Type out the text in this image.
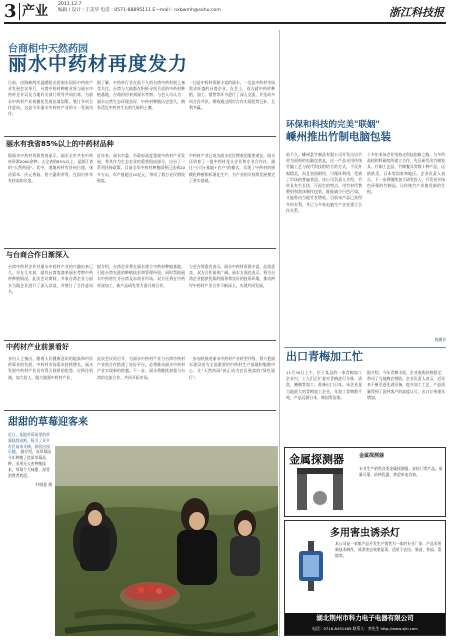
3 产业 2011.12.7
编辑 / 设计 : 王美华 电话 : 0571-88895111 E—mail : nxbwmh@sohu.com	浙江科技报
台商相中天然药园
丽水中药材再度发力
日前，由海峡两岸温暖阳光的丽水国际中药材产业发展会议举行，台湾中药材种植业界与丽水中药材企业以及当地有关部门领导共同出席，为丽水中药材产业规模化发展出谋划策，签订多项合作意向。这是今年丽水中药材产业的又一发展动作。
据了解，中药材行业在前不久的台湾中药材展上备受关注。台湾与大陆都在积极寻找合适的中药材种植基地，台商纷纷来到丽水考察。与会人员认为：丽水自然生态环境良好，中药材种植历史悠久，拥有适宜中药材生长的气候和土壤。
一边是中药材资源丰富的丽水，一边是中药材市场需求旺盛的台湾企业。在会上，双方就中药材种植、加工、销售等环节进行了深入交流，并达成多项合作共识，期待通过两岸合作实现优势互补、互利共赢。
丽水有我省85%以上的中药材品种
据丽水中药材资源普查显示，丽水全市共有中药材资源2000余种，占全省的85%以上，是浙江省的"天然药园"。其中，道地药材有处州白莲、遂昌菊米、庆元香菇、景宁惠明茶等，在国内外享有较高知名度。
近年来，丽水市委、市政府高度重视中药材产业发展，将其作为生态农业的重要组成部分，出台了一系列扶持政策。目前全市中药材种植面积已达到20多万亩，年产值超过10亿元，带动了数万农民增收致富。
中药材产业已成为丽水农民增收的重要途径。丽水还培育了一批中药材龙头企业和专业合作社，通过"公司+基地+农户"的模式，实现了中药材的规模化种植和标准化生产，为产业的可持续发展奠定了坚实基础。
与台商合作日渐深入
台湾中药材企业对丽水中药材产业的兴趣由来已久。早在几年前，就有台湾客商来丽水考察中药材种植情况。此次会议期间，多家台湾企业与丽水当地企业进行了深入洽谈，并签订了合作意向书。
据介绍，台湾企业将在丽水建立中药材种植基地，引进台湾先进的种植技术和管理经验，同时帮助丽水中药材打开台湾及东南亚市场。双方还将在中药材深加工、新产品研发等方面开展合作。
与会台湾嘉宾表示，丽水中药材资源丰富、品质优良，双方合作前景广阔。丽水方面也表示，将为台湾企业提供优质的服务和良好的投资环境，推动两岸中药材产业合作不断深入，实现共同发展。
中药材产业前景看好
业内人士指出，随着人们健康意识的提高和中医药事业的发展，中药材市场需求持续增长。丽水发展中药材产业具有得天独厚的优势，应抓住机遇，加大投入，做大做强中药材产业。
此次会议的召开，为丽水中药材产业与台湾中药材产业的合作搭建了良好平台，必将推动丽水中药材产业实现新的跨越。下一步，丽水将继续加强与台湾的交流合作，共同开拓市场。
一步加快推进丽水中药材产业转型升级，努力把丽水建设成为全国重要的中药材生产基地和集散中心，让"天然药园"真正成为农民致富的"绿色银行"。
甜甜的草莓迎客来
近日，某地草莓园里的草莓陆续成熟，吸引了众多市民前来采摘，体验田园乐趣。 据介绍，该草莓园今年种植了优质草莓品种，采用无公害种植技术，草莓个大味甜，深受消费者欢迎。
叶晓蓉 摄
环保和科技的完美"联姻"
嵊州推出竹制电脑包装
前不久，嵊州某竹制品有限公司开发出以竹材为原料的电脑包装盒，这一产品采用传统竹编工艺与现代科技相结合的方式，不仅外观精美，而且坚固耐用、可循环利用，受到了市场的普遍欢迎。该公司负责人介绍，竹材具有生长快、可再生的特点，用竹材代替塑料和泡沫制作包装，既能减少白色污染，又能带动当地竹农增收。目前该产品已获得多项专利，并已与多家电脑生产企业建立合作关系。
十多年来该企业坚持走科技创新之路，与多所高校和科研院所建立合作，先后研发出竹制家具、竹制工艺品、竹制餐具等数十种产品，远销欧美、日本等国家和地区。企业负责人表示，下一步将继续加大研发投入，开发更多绿色环保的竹制品，让传统竹产业焕发新的生机。
钱黛芳
出口青梅加工忙
11月30日上午，位于某县的一家青梅加工企业内，工人们正忙着对青梅进行分拣、清洗、腌制等加工，准备出口日本。该企业是当地最大的青梅加工企业，年加工青梅数千吨，产品远销日本、韩国等国家。
据介绍，今年青梅丰收，企业收购价格稳定，带动了当地梅农增收。企业负责人表示，近年来不断引进先进设备，提升加工工艺，产品质量得到了国外客户的高度认可，出口订单逐年增加。
金属探测器
专业生产销售各类金属探测器、安检门等产品。质量可靠，价格优惠，欢迎来电咨询。
金属探测器
多用害虫诱杀灯
本公司是一家集产品开发生产销售为一体的专业厂家，产品采用新技术制作，诱杀害虫效果显著，适用于农田、果园、茶园、菜地等。
湖北荆州市科力电子电器有限公司
电话：0716-8451489 联系人：李先生 http://www.sjkl.com
